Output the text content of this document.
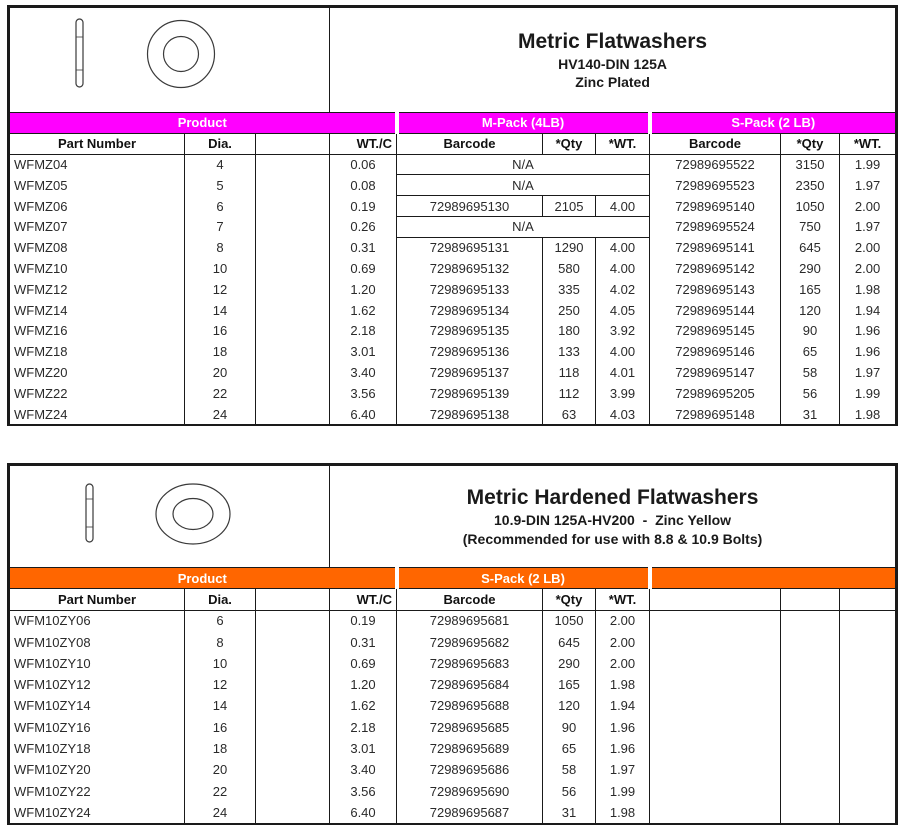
Metric Flatwashers
HV140-DIN 125A
Zinc Plated						

Product				M-Pack (4LB)			S-Pack (2 LB)		
Part Number	Dia.		WT./C	Barcode	*Qty	*WT.	Barcode	*Qty	*WT.
WFMZ04	4		0.06	N/A			72989695522	3150	1.99
WFMZ05	5		0.08	N/A			72989695523	2350	1.97
WFMZ06	6		0.19	72989695130	2105	4.00	72989695140	1050	2.00
WFMZ07	7		0.26	N/A			72989695524	750	1.97
WFMZ08	8		0.31	72989695131	1290	4.00	72989695141	645	2.00
WFMZ10	10		0.69	72989695132	580	4.00	72989695142	290	2.00
WFMZ12	12		1.20	72989695133	335	4.02	72989695143	165	1.98
WFMZ14	14		1.62	72989695134	250	4.05	72989695144	120	1.94
WFMZ16	16		2.18	72989695135	180	3.92	72989695145	90	1.96
WFMZ18	18		3.01	72989695136	133	4.00	72989695146	65	1.96
WFMZ20	20		3.40	72989695137	118	4.01	72989695147	58	1.97
WFMZ22	22		3.56	72989695139	112	3.99	72989695205	56	1.99
WFMZ24	24		6.40	72989695138	63	4.03	72989695148	31	1.98

Metric Hardened Flatwashers
10.9-DIN 125A-HV200  -  Zinc Yellow
(Recommended for use with 8.8 & 10.9 Bolts)						

Product				S-Pack (2 LB)					
Part Number	Dia.		WT./C	Barcode	*Qty	*WT.			
WFM10ZY06	6		0.19	72989695681	1050	2.00			
WFM10ZY08	8		0.31	72989695682	645	2.00			
WFM10ZY10	10		0.69	72989695683	290	2.00			
WFM10ZY12	12		1.20	72989695684	165	1.98			
WFM10ZY14	14		1.62	72989695688	120	1.94			
WFM10ZY16	16		2.18	72989695685	90	1.96			
WFM10ZY18	18		3.01	72989695689	65	1.96			
WFM10ZY20	20		3.40	72989695686	58	1.97			
WFM10ZY22	22		3.56	72989695690	56	1.99			
WFM10ZY24	24		6.40	72989695687	31	1.98			
